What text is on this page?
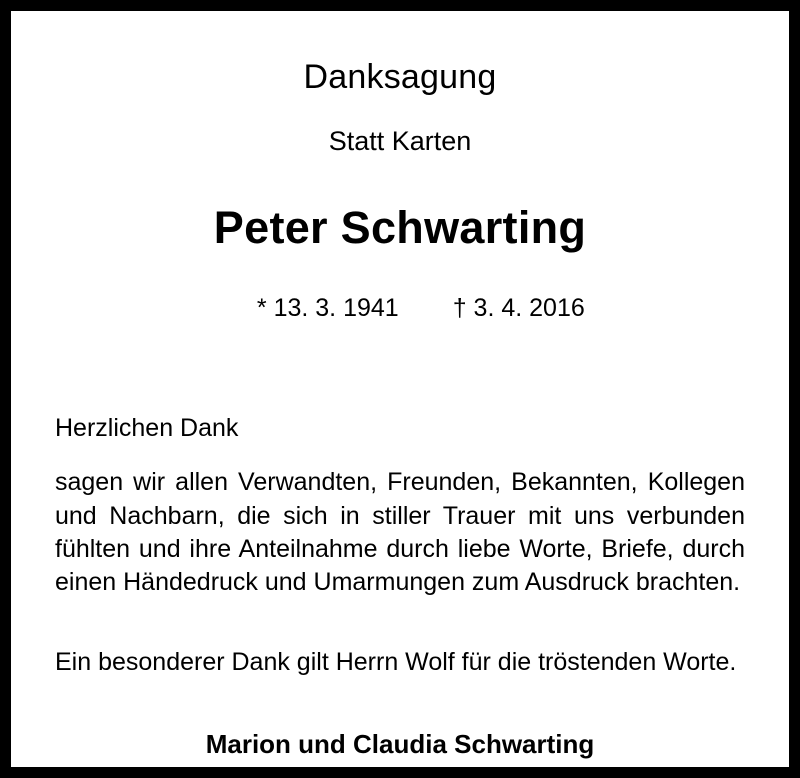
Danksagung
Statt Karten
Peter Schwarting

* 13. 3. 1941 † 3. 4. 2016

Herzlichen Dank
sagen wir allen Verwandten, Freunden, Bekannten, Kollegen und Nachbarn, die sich in stiller Trauer mit uns verbunden fühlten und ihre Anteilnahme durch liebe Worte, Briefe, durch einen Händedruck und Umarmungen zum Ausdruck brachten.
Ein besonderer Dank gilt Herrn Wolf für die tröstenden Worte.
Marion und Claudia Schwarting
